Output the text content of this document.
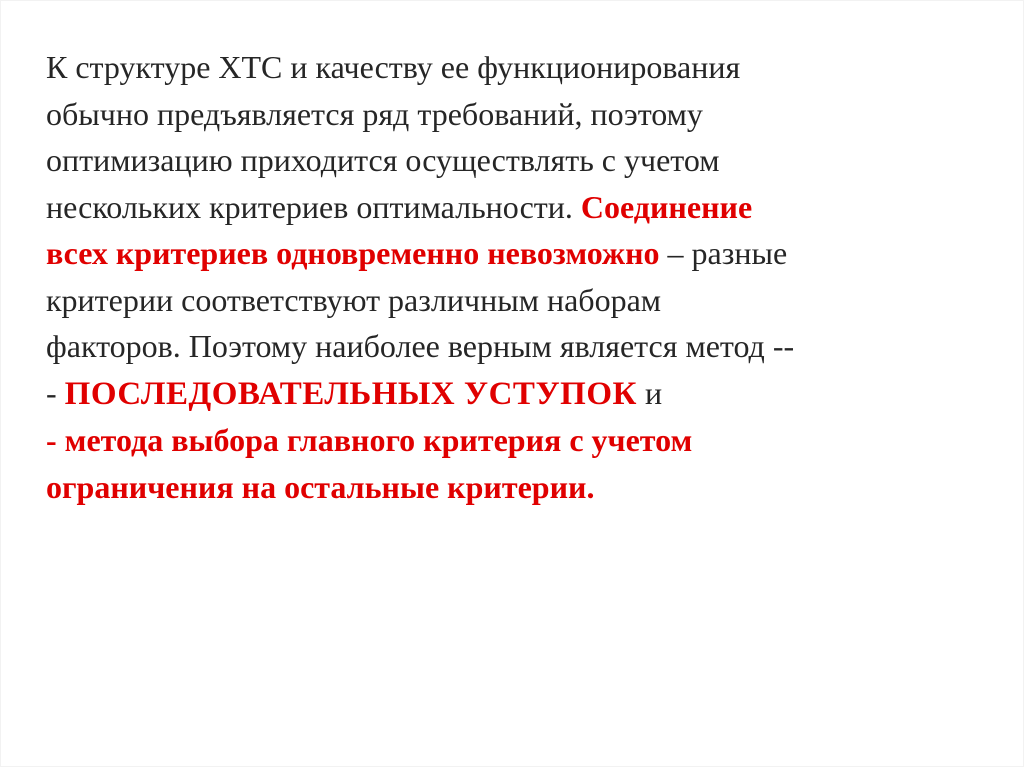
К структуре ХТС и качеству ее функционирования
обычно предъявляется ряд требований, поэтому
оптимизацию приходится осуществлять с учетом
нескольких критериев оптимальности. Соединение
всех критериев одновременно невозможно – разные
критерии соответствуют различным наборам
факторов. Поэтому наиболее верным является метод --
- ПОСЛЕДОВАТЕЛЬНЫХ УСТУПОК и
- метода выбора главного критерия с учетом
ограничения на остальные критерии.
